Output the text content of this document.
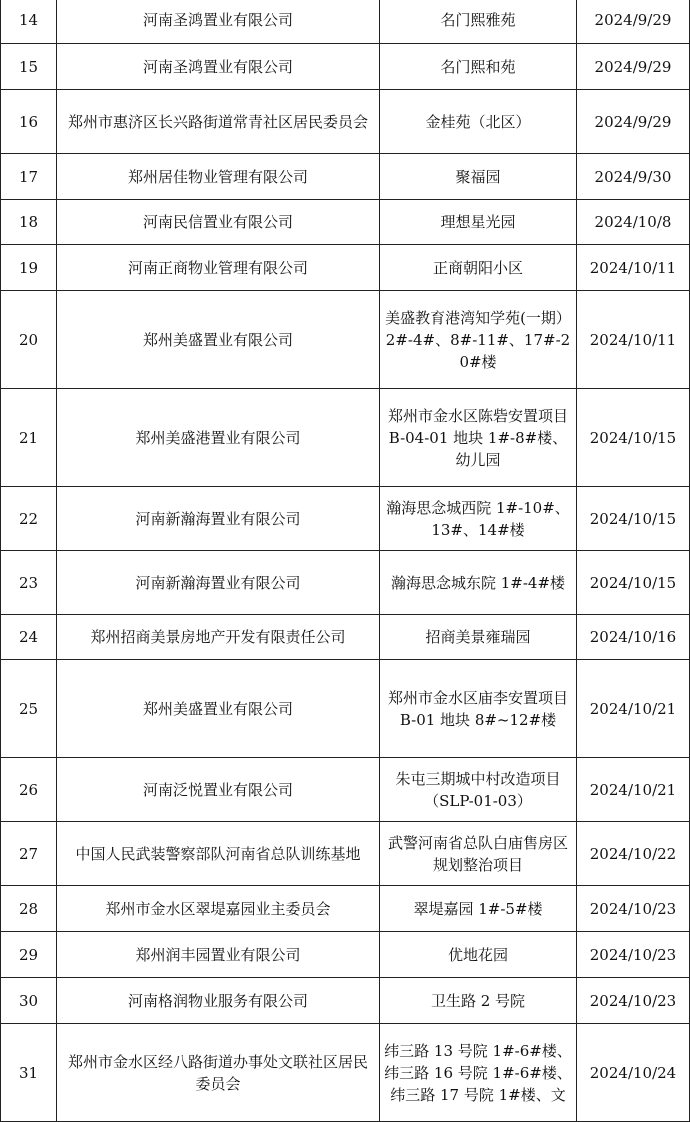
14	河南圣鸿置业有限公司	名门熙雅苑	2024/9/29
15	河南圣鸿置业有限公司	名门熙和苑	2024/9/29
16	郑州市惠济区长兴路街道常青社区居民委员会	金桂苑（北区）	2024/9/29
17	郑州居佳物业管理有限公司	聚福园	2024/9/30
18	河南民信置业有限公司	理想星光园	2024/10/8
19	河南正商物业管理有限公司	正商朝阳小区	2024/10/11
20	郑州美盛置业有限公司	美盛教育港湾知学苑(一期）2#-4#、8#-11#、17#-20#楼	2024/10/11
21	郑州美盛港置业有限公司	郑州市金水区陈砦安置项目 B-04-01 地块 1#-8#楼、幼儿园	2024/10/15
22	河南新瀚海置业有限公司	瀚海思念城西院 1#-10#、13#、14#楼	2024/10/15
23	河南新瀚海置业有限公司	瀚海思念城东院 1#-4#楼	2024/10/15
24	郑州招商美景房地产开发有限责任公司	招商美景雍瑞园	2024/10/16
25	郑州美盛置业有限公司	郑州市金水区庙李安置项目 B-01 地块 8#~12#楼	2024/10/21
26	河南泛悦置业有限公司	朱屯三期城中村改造项目（SLP-01-03）	2024/10/21
27	中国人民武装警察部队河南省总队训练基地	武警河南省总队白庙售房区规划整治项目	2024/10/22
28	郑州市金水区翠堤嘉园业主委员会	翠堤嘉园 1#-5#楼	2024/10/23
29	郑州润丰园置业有限公司	优地花园	2024/10/23
30	河南格润物业服务有限公司	卫生路 2 号院	2024/10/23
31	郑州市金水区经八路街道办事处文联社区居民委员会	纬三路 13 号院 1#-6#楼、纬三路 16 号院 1#-6#楼、纬三路 17 号院 1#楼、文	2024/10/24
